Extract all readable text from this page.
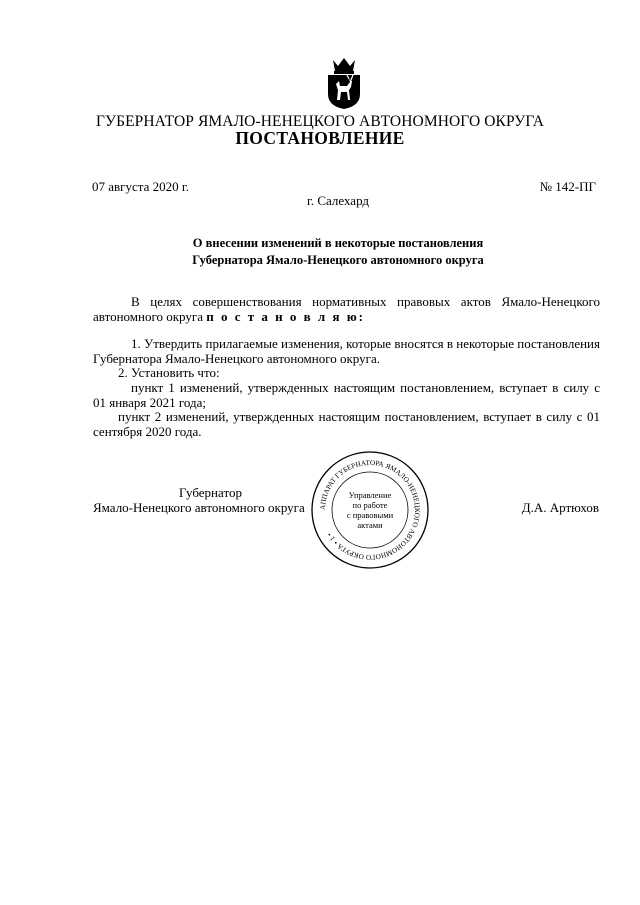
ГУБЕРНАТОР ЯМАЛО-НЕНЕЦКОГО АВТОНОМНОГО ОКРУГА
ПОСТАНОВЛЕНИЕ
07 августа 2020 г.	№ 142-ПГ
г. Салехард
О внесении изменений в некоторые постановления
Губернатора Ямало-Ненецкого автономного округа
В целях совершенствования нормативных правовых актов Ямало-Ненецкого автономного округа п о с т а н о в л я ю:
1. Утвердить прилагаемые изменения, которые вносятся в некоторые постановления Губернатора Ямало-Ненецкого автономного округа.
2. Установить что:
пункт 1 изменений, утвержденных настоящим постановлением, вступает в силу с 01 января 2021 года;
пункт 2 изменений, утвержденных настоящим постановлением, вступает в силу с 01 сентября 2020 года.
АППАРАТ ГУБЕРНАТОРА ЯМАЛО-НЕНЕЦКОГО АВТОНОМНОГО ОКРУГА • 1 •
Управление по работе с правовыми актами
Губернатор
Ямало-Ненецкого автономного округа	Д.А. Артюхов
